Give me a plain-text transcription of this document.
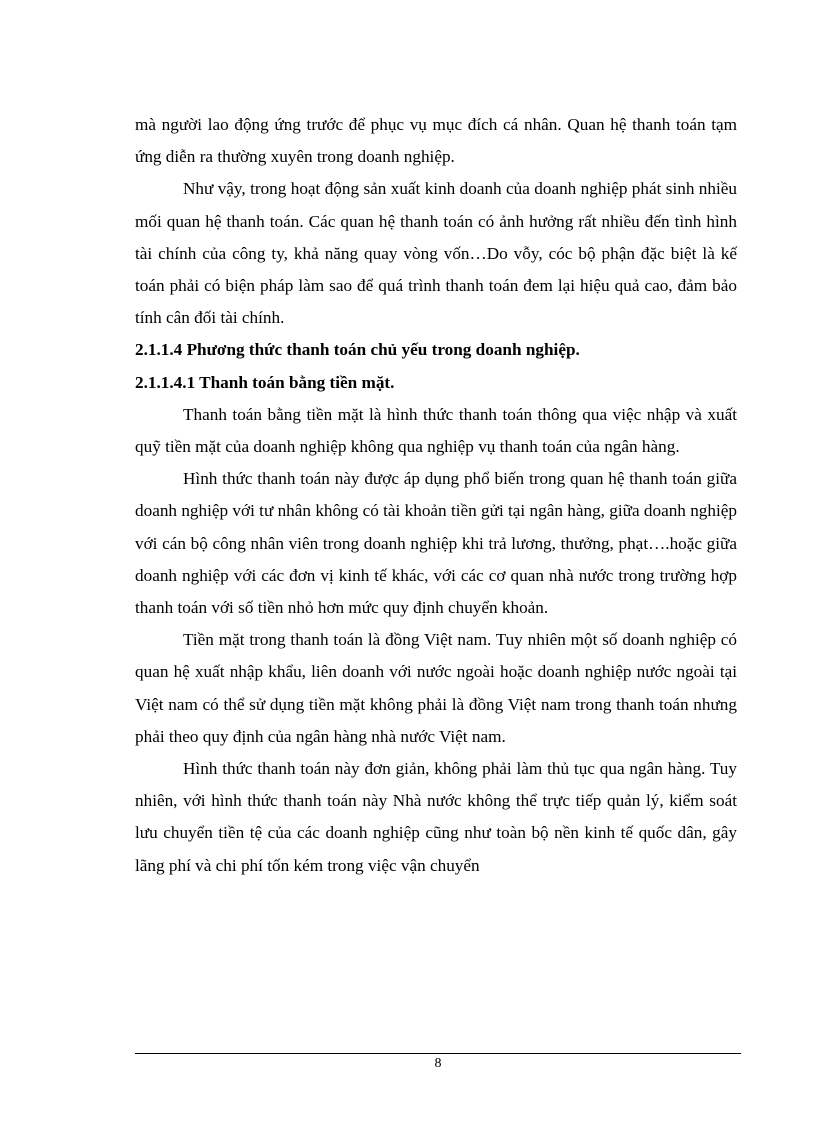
mà người lao động ứng trước để phục vụ mục đích cá nhân. Quan hệ thanh toán tạm ứng diễn ra thường xuyên trong doanh nghiệp.

Như vậy, trong hoạt động sản xuất kinh doanh của doanh nghiệp phát sinh nhiều mối quan hệ thanh toán. Các quan hệ thanh toán có ảnh hưởng rất nhiều đến tình hình tài chính của công ty, khả năng quay vòng vốn…Do vỗy, cóc bộ phận đặc biệt là kế toán phải có biện pháp làm sao để quá trình thanh toán đem lại hiệu quả cao, đảm bảo tính cân đối tài chính.

2.1.1.4 Phương thức thanh toán chủ yếu trong doanh nghiệp.

2.1.1.4.1 Thanh toán bằng tiền mặt.

Thanh toán bằng tiền mặt là hình thức thanh toán thông qua việc nhập và xuất quỹ tiền mặt của doanh nghiệp không qua nghiệp vụ thanh toán của ngân hàng.

Hình thức thanh toán này được áp dụng phổ biến trong quan hệ thanh toán giữa doanh nghiệp với tư nhân không có tài khoản tiền gửi tại ngân hàng, giữa doanh nghiệp với cán bộ công nhân viên trong doanh nghiệp khi trả lương, thưởng, phạt….hoặc giữa doanh nghiệp với các đơn vị kinh tế khác, với các cơ quan nhà nước trong trường hợp thanh toán với số tiền nhỏ hơn mức quy định chuyển khoản.

Tiền mặt trong thanh toán là đồng Việt nam. Tuy nhiên một số doanh nghiệp có quan hệ xuất nhập khẩu, liên doanh với nước ngoài hoặc doanh nghiệp nước ngoài tại Việt nam có thể sử dụng tiền mặt không phải là đồng Việt nam trong thanh toán nhưng phải theo quy định của ngân hàng nhà nước Việt nam.

Hình thức thanh toán này đơn giản, không phải làm thủ tục qua ngân hàng. Tuy nhiên, với hình thức thanh toán này Nhà nước không thể trực tiếp quản lý, kiểm soát lưu chuyển tiền tệ của các doanh nghiệp cũng như toàn bộ nền kinh tế quốc dân, gây lãng phí và chi phí tốn kém trong việc vận chuyển

8
